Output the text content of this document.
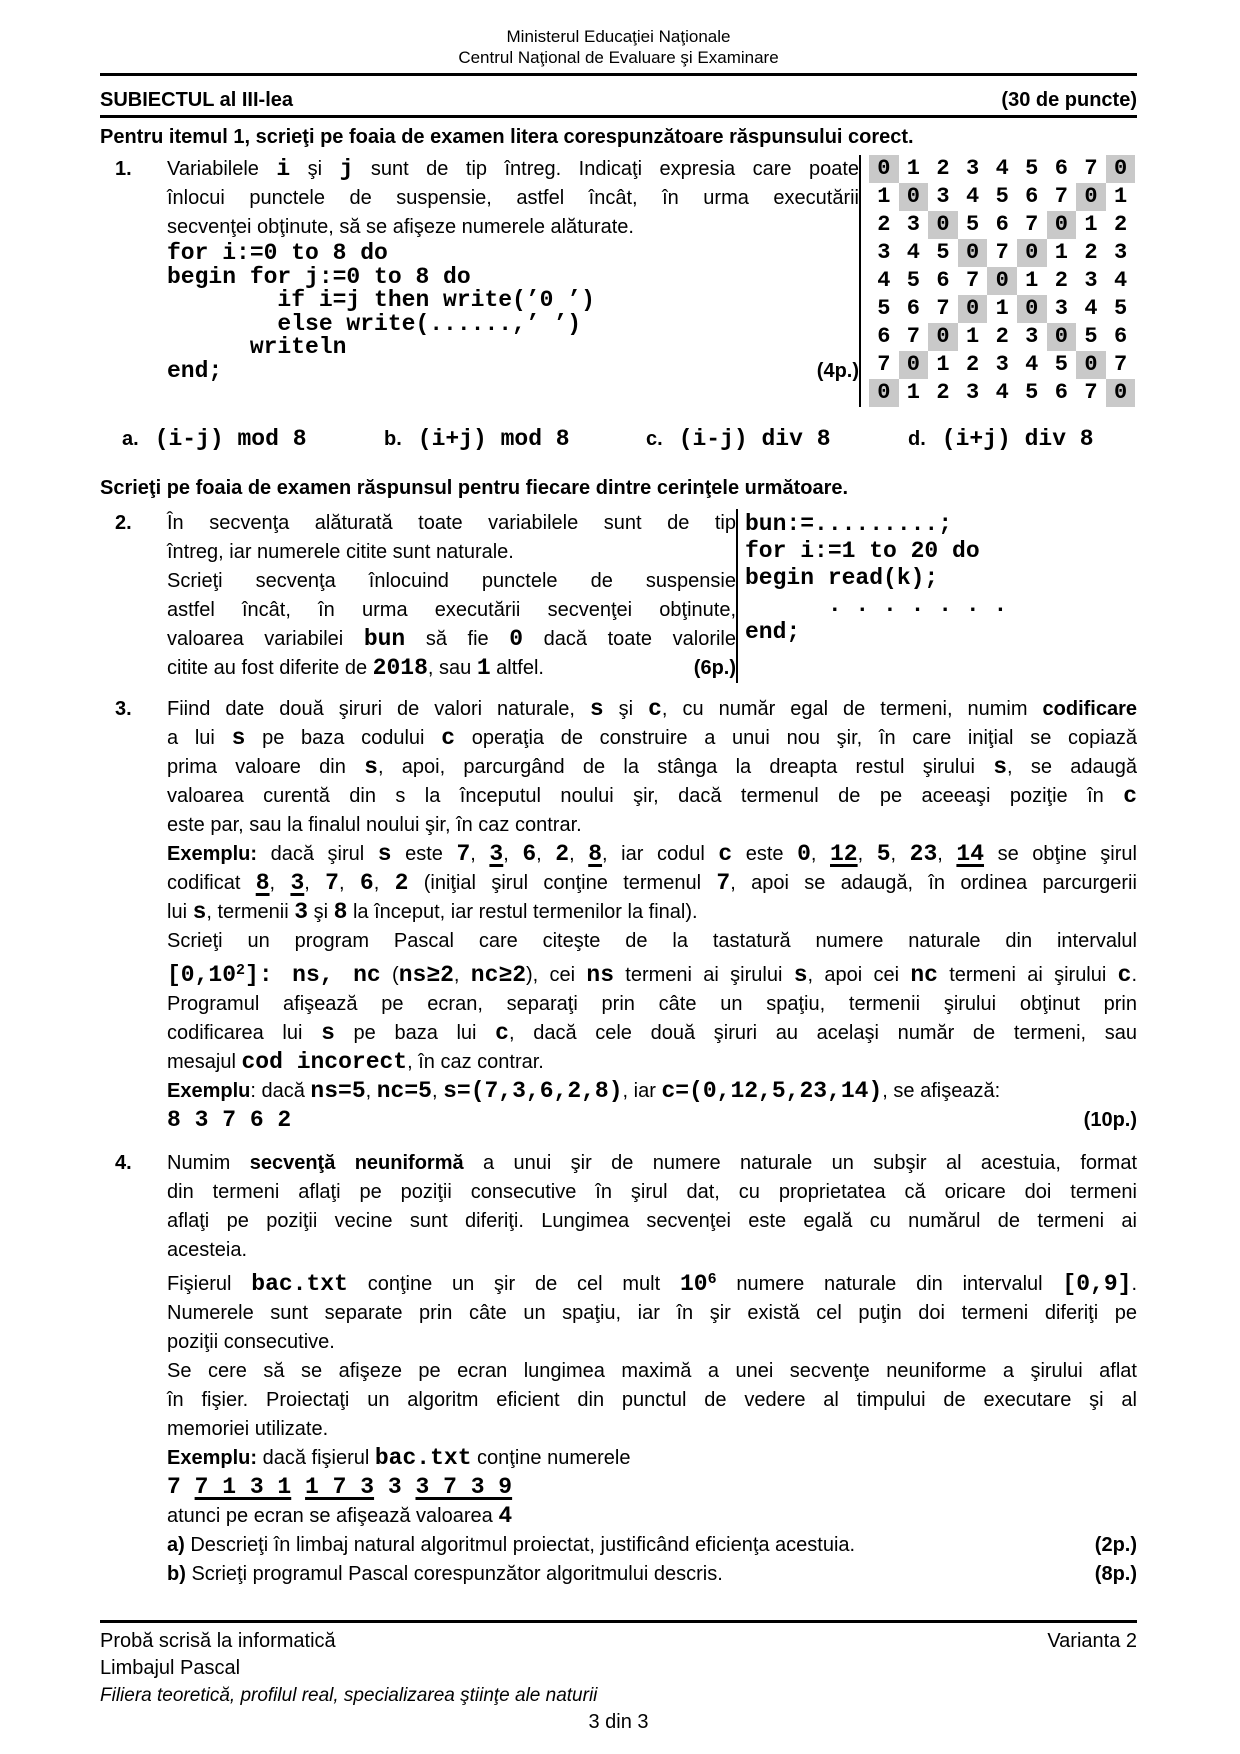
Ministerul Educaţiei Naţionale
Centrul Naţional de Evaluare şi Examinare
SUBIECTUL al III-lea	(30 de puncte)
Pentru itemul 1, scrieţi pe foaia de examen litera corespunzătoare răspunsului corect.
1.	Variabilele i şi j sunt de tip întreg. Indicaţi expresia care poate
înlocui punctele de suspensie, astfel încât, în urma executării
secvenţei obţinute, să se afişeze numerele alăturate.
for i:=0 to 8 do
begin for j:=0 to 8 do
if i=j then write(’0 ’)
else write(......,’ ’)
writeln
(4p.)
end;
0 1 2 3 4 5 6 7 0
1 0 3 4 5 6 7 0 1
2 3 0 5 6 7 0 1 2
3 4 5 0 7 0 1 2 3
4 5 6 7 0 1 2 3 4
5 6 7 0 1 0 3 4 5
6 7 0 1 2 3 0 5 6
7 0 1 2 3 4 5 0 7
0 1 2 3 4 5 6 7 0
a. (i-j) mod 8	b. (i+j) mod 8	c. (i-j) div 8	d. (i+j) div 8
Scrieţi pe foaia de examen răspunsul pentru fiecare dintre cerinţele următoare.
2.	În secvenţa alăturată toate variabilele sunt de tip
întreg, iar numerele citite sunt naturale.
Scrieţi secvenţa înlocuind punctele de suspensie
astfel încât, în urma executării secvenţei obţinute,
valoarea variabilei bun să fie 0 dacă toate valorile
(6p.)
citite au fost diferite de 2018, sau 1 altfel.
bun:=.........;
for i:=1 to 20 do
begin read(k);
. . . . . . .
end;
3.	Fiind date două şiruri de valori naturale, s şi c, cu număr egal de termeni, numim codificare
a lui s pe baza codului c operaţia de construire a unui nou şir, în care iniţial se copiază
prima valoare din s, apoi, parcurgând de la stânga la dreapta restul şirului s, se adaugă
valoarea curentă din s la începutul noului şir, dacă termenul de pe aceeaşi poziţie în c
este par, sau la finalul noului şir, în caz contrar.
Exemplu: dacă şirul s este 7, 3, 6, 2, 8, iar codul c este 0, 12, 5, 23, 14 se obţine şirul
codificat 8, 3, 7, 6, 2 (iniţial şirul conţine termenul 7, apoi se adaugă, în ordinea parcurgerii
lui s, termenii 3 şi 8 la început, iar restul termenilor la final).
Scrieţi un program Pascal care citeşte de la tastatură numere naturale din intervalul
[0,10$^2$]: ns, nc (ns≥2, nc≥2), cei ns termeni ai şirului s, apoi cei nc termeni ai şirului c.
Programul afişează pe ecran, separaţi prin câte un spaţiu, termenii şirului obţinut prin
codificarea lui s pe baza lui c, dacă cele două şiruri au acelaşi număr de termeni, sau
mesajul cod incorect, în caz contrar.
Exemplu: dacă ns=5, nc=5, s=(7,3,6,2,8), iar c=(0,12,5,23,14), se afişează:
(10p.)
8 3 7 6 2
4.	Numim secvenţă neuniformă a unui şir de numere naturale un subşir al acestuia, format
din termeni aflaţi pe poziţii consecutive în şirul dat, cu proprietatea că oricare doi termeni
aflaţi pe poziţii vecine sunt diferiţi. Lungimea secvenţei este egală cu numărul de termeni ai
acesteia.
Fişierul bac.txt conţine un şir de cel mult $10^6$ numere naturale din intervalul [0,9].
Numerele sunt separate prin câte un spaţiu, iar în şir există cel puţin doi termeni diferiţi pe
poziţii consecutive.
Se cere să se afişeze pe ecran lungimea maximă a unei secvenţe neuniforme a şirului aflat
în fişier. Proiectaţi un algoritm eficient din punctul de vedere al timpului de executare şi al
memoriei utilizate.
Exemplu: dacă fişierul bac.txt conţine numerele
7 7 1 3 1 1 7 3 3 3 7 3 9
atunci pe ecran se afişează valoarea 4
(2p.)
a) Descrieţi în limbaj natural algoritmul proiectat, justificând eficienţa acestuia.
(8p.)
b) Scrieţi programul Pascal corespunzător algoritmului descris.
Probă scrisă la informatică	Varianta 2
Limbajul Pascal
Filiera teoretică, profilul real, specializarea ştiinţe ale naturii
3 din 3
